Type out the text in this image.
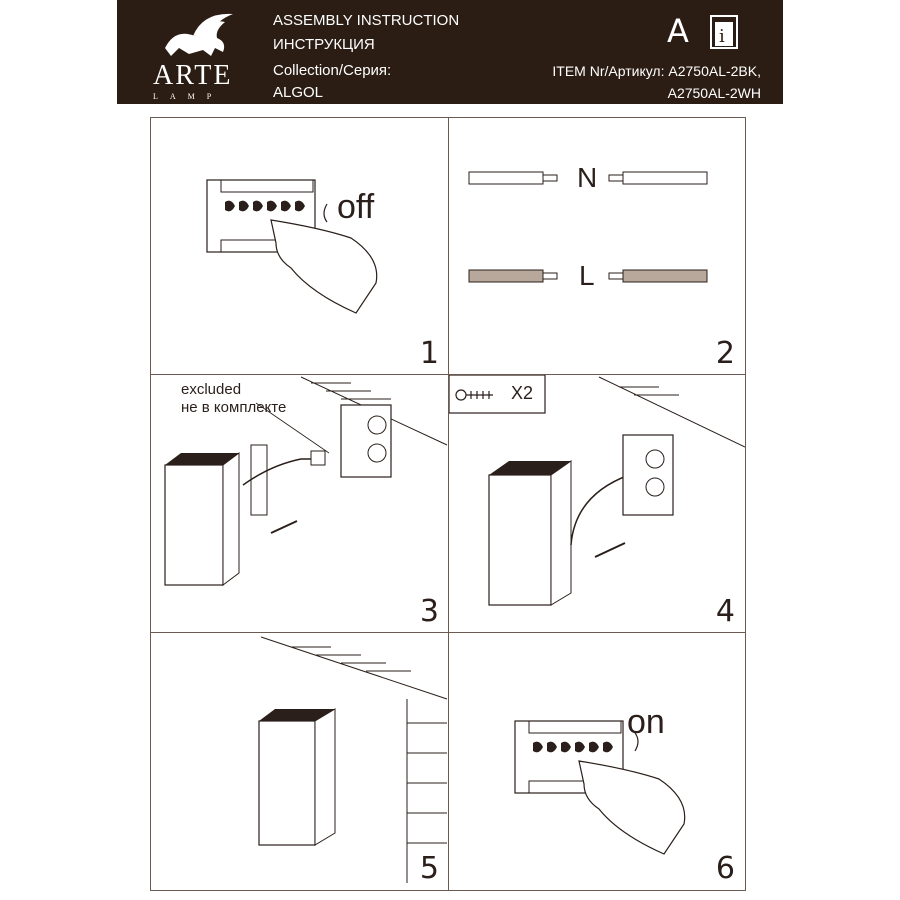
ARTE
LAMP
ASSEMBLY INSTRUCTION
ИНСТРУКЦИЯ
Collection/Серия:
ALGOL
ITEM Nr/Артикул: A2750AL-2BK,
A2750AL-2WH
A i
off
1
N
L
2
excluded
не в комплекте
3
X2
4
5
on
6
